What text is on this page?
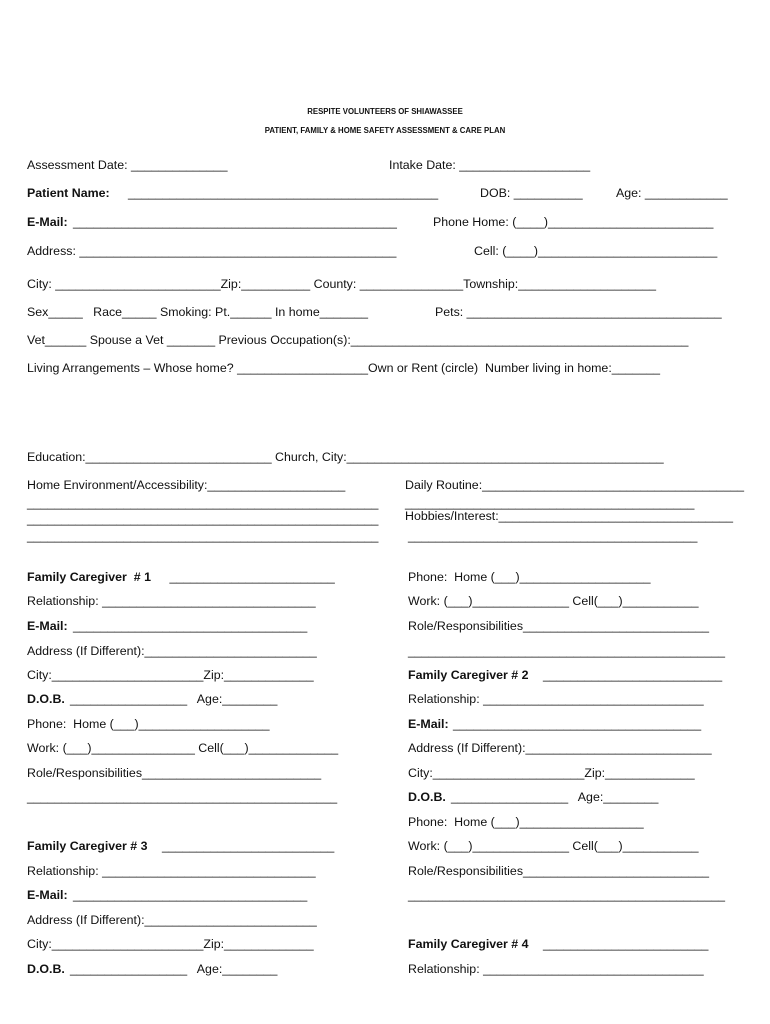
RESPITE VOLUNTEERS OF SHIAWASSEE
PATIENT, FAMILY & HOME SAFETY ASSESSMENT & CARE PLAN
Assessment Date: ______________	Intake Date: ___________________
Patient Name: _____________________________________________	DOB: __________	Age: ____________
E-Mail: _______________________________________________	Phone Home: (____)________________________
Address: ______________________________________________	Cell: (____)__________________________
City: ________________________Zip:__________ County: _______________Township:____________________
Sex_____   Race_____ Smoking: Pt.______ In home_______	Pets: _____________________________________
Vet______ Spouse a Vet _______ Previous Occupation(s):_________________________________________________
Living Arrangements – Whose home? ___________________Own or Rent (circle)  Number living in home:_______
Education:___________________________ Church, City:______________________________________________
Home Environment/Accessibility:____________________	Daily Routine:______________________________________
___________________________________________________ __________________________________________
___________________________________________________ Hobbies/Interest:__________________________________
___________________________________________________ __________________________________________
Family Caregiver  # 1 ________________________
Relationship: _______________________________
E-Mail: __________________________________
Address (If Different):_________________________
City:______________________Zip:_____________
D.O.B. _________________   Age:________
Phone:  Home (___)___________________
Work: (___)_______________ Cell(___)_____________
Role/Responsibilities__________________________
_____________________________________________
Phone:  Home (___)___________________
Work: (___)______________ Cell(___)___________
Role/Responsibilities___________________________
______________________________________________
Family Caregiver # 2 __________________________
Relationship: ________________________________
E-Mail: ____________________________________
Address (If Different):___________________________
City:______________________Zip:_____________
D.O.B. _________________   Age:________
Phone:  Home (___)__________________
Work: (___)______________ Cell(___)___________
Role/Responsibilities___________________________
______________________________________________
Family Caregiver # 3 _________________________
Relationship: _______________________________
E-Mail: __________________________________
Address (If Different):_________________________
City:______________________Zip:_____________
D.O.B. _________________   Age:________
Family Caregiver # 4 ________________________
Relationship: ________________________________
